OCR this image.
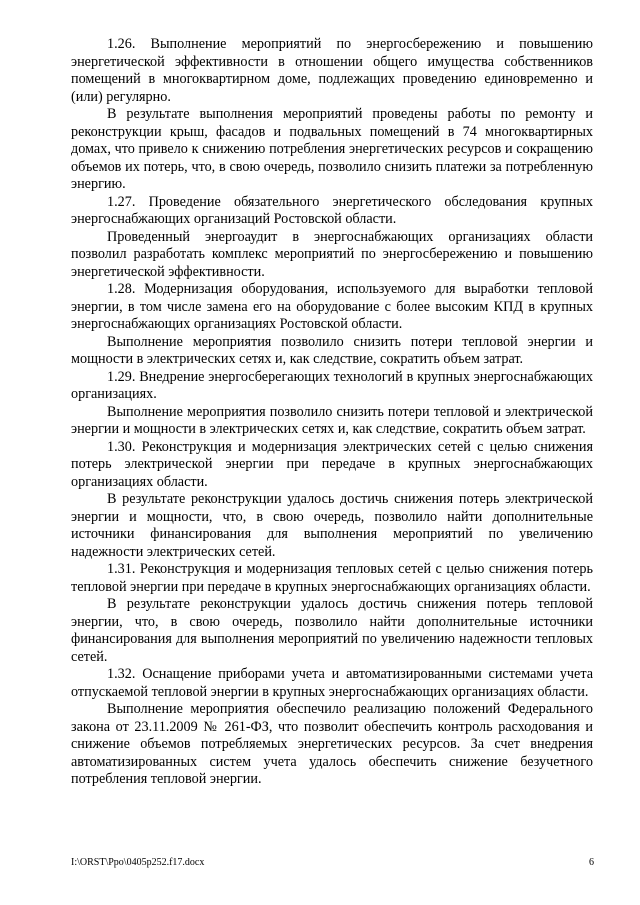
1.26. Выполнение мероприятий по энергосбережению и повышению энергетической эффективности в отношении общего имущества собственников помещений в многоквартирном доме, подлежащих проведению единовременно и (или) регулярно.

В результате выполнения мероприятий проведены работы по ремонту и реконструкции крыш, фасадов и подвальных помещений в 74 многоквартирных домах, что привело к снижению потребления энергетических ресурсов и сокращению объемов их потерь, что, в свою очередь, позволило снизить платежи за потребленную энергию.

1.27. Проведение обязательного энергетического обследования крупных энергоснабжающих организаций Ростовской области.

Проведенный энергоаудит в энергоснабжающих организациях области позволил разработать комплекс мероприятий по энергосбережению и повышению энергетической эффективности.

1.28. Модернизация оборудования, используемого для выработки тепловой энергии, в том числе замена его на оборудование с более высоким КПД в крупных энергоснабжающих организациях Ростовской области.

Выполнение мероприятия позволило снизить потери тепловой энергии и мощности в электрических сетях и, как следствие, сократить объем затрат.

1.29. Внедрение энергосберегающих технологий в крупных энергоснабжающих организациях.

Выполнение мероприятия позволило снизить потери тепловой и электрической энергии и мощности в электрических сетях и, как следствие, сократить объем затрат.

1.30. Реконструкция и модернизация электрических сетей с целью снижения потерь электрической энергии при передаче в крупных энергоснабжающих организациях области.

В результате реконструкции удалось достичь снижения потерь электрической энергии и мощности, что, в свою очередь, позволило найти дополнительные источники финансирования для выполнения мероприятий по увеличению надежности электрических сетей.

1.31. Реконструкция и модернизация тепловых сетей с целью снижения потерь тепловой энергии при передаче в крупных энергоснабжающих организациях области.

В результате реконструкции удалось достичь снижения потерь тепловой энергии, что, в свою очередь, позволило найти дополнительные источники финансирования для выполнения мероприятий по увеличению надежности тепловых сетей.

1.32. Оснащение приборами учета и автоматизированными системами учета отпускаемой тепловой энергии в крупных энергоснабжающих организациях области.

Выполнение мероприятия обеспечило реализацию положений Федерального закона от 23.11.2009 № 261-ФЗ, что позволит обеспечить контроль расходования и снижение объемов потребляемых энергетических ресурсов. За счет внедрения автоматизированных систем учета удалось обеспечить снижение безучетного потребления тепловой энергии.

I:\ORST\Ppo\0405p252.f17.docx	6
